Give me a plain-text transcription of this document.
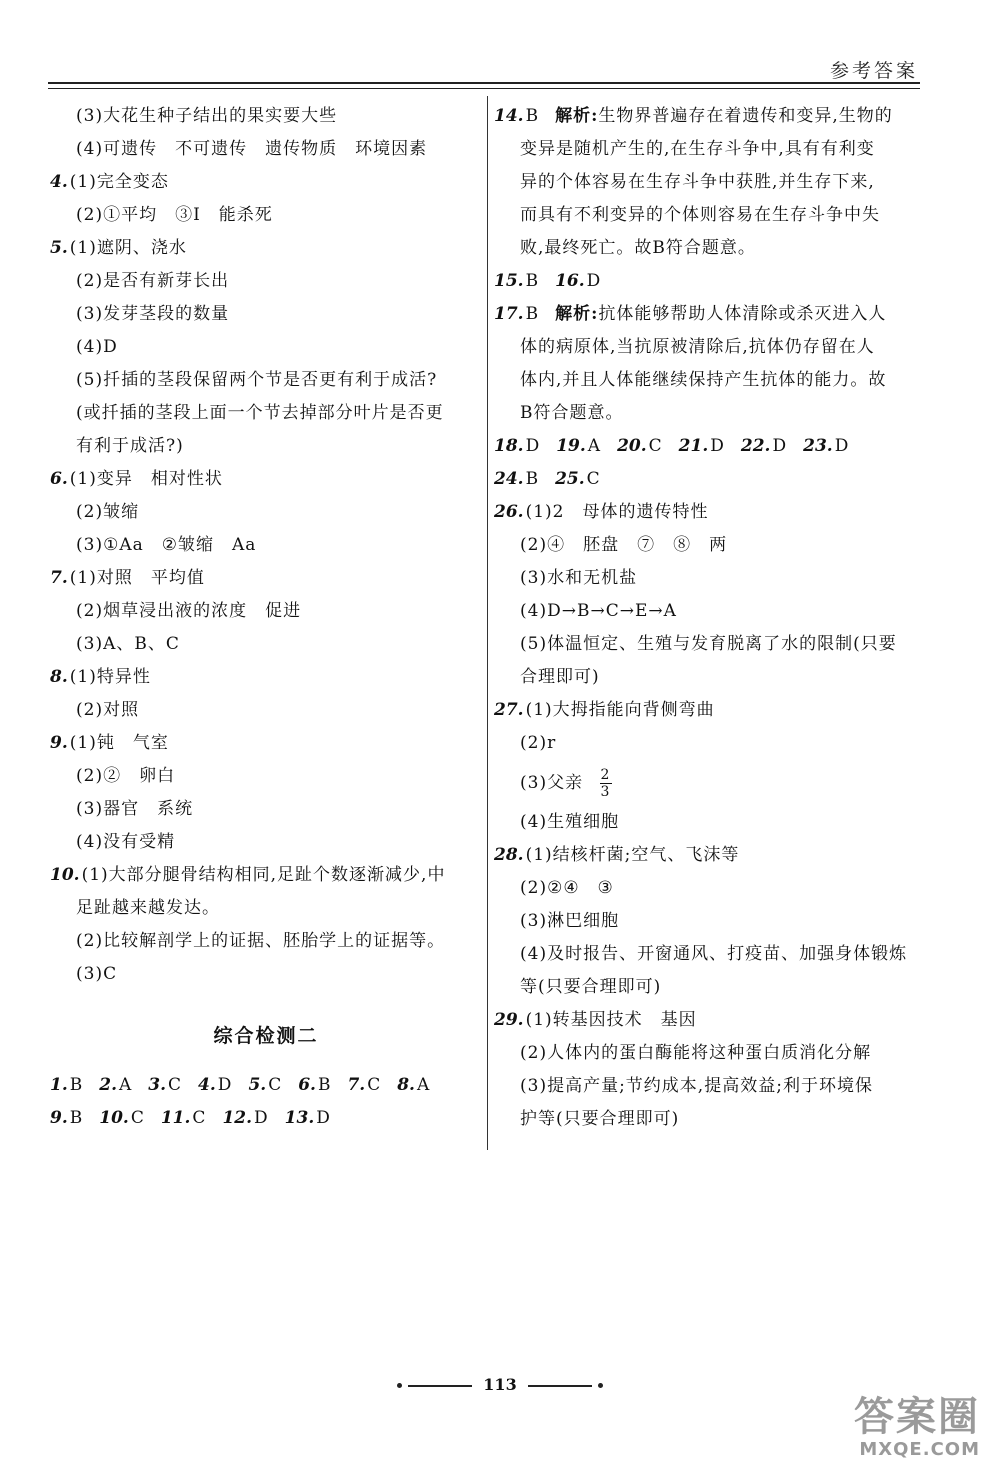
参考答案
(3)大花生种子结出的果实要大些
(4)可遗传　不可遗传　遗传物质　环境因素
4. (1)完全变态
(2)①平均　③Ⅰ　能杀死
5. (1)遮阴、浇水
(2)是否有新芽长出
(3)发芽茎段的数量
(4)D
(5)扦插的茎段保留两个节是否更有利于成活?
(或扦插的茎段上面一个节去掉部分叶片是否更
有利于成活?)
6. (1)变异　相对性状
(2)皱缩
(3)①Aa　②皱缩　Aa
7. (1)对照　平均值
(2)烟草浸出液的浓度　促进
(3)A、B、C
8. (1)特异性
(2)对照
9. (1)钝　气室
(2)②　卵白
(3)器官　系统
(4)没有受精
10. (1)大部分腿骨结构相同,足趾个数逐渐减少,中
足趾越来越发达。
(2)比较解剖学上的证据、胚胎学上的证据等。
(3)C
综合检测二
1. B 2. A 3. C 4. D 5. C 6. B 7. C 8. A
9. B 10. C 11. C 12. D 13. D
14. B 解析:生物界普遍存在着遗传和变异,生物的
变异是随机产生的,在生存斗争中,具有有利变
异的个体容易在生存斗争中获胜,并生存下来,
而具有不利变异的个体则容易在生存斗争中失
败,最终死亡。故B符合题意。
15. B 16. D
17. B 解析:抗体能够帮助人体清除或杀灭进入人
体的病原体,当抗原被清除后,抗体仍存留在人
体内,并且人体能继续保持产生抗体的能力。故
B符合题意。
18. D 19. A 20. C 21. D 22. D 23. D
24. B 25. C
26. (1)2　母体的遗传特性
(2)④　胚盘　⑦　⑧　两
(3)水和无机盐
(4)D→B→C→E→A
(5)体温恒定、生殖与发育脱离了水的限制(只要
合理即可)
27. (1)大拇指能向背侧弯曲
(2)r
(3)父亲 $\frac{2}{3}$
(4)生殖细胞
28. (1)结核杆菌;空气、飞沫等
(2)②④　③
(3)淋巴细胞
(4)及时报告、开窗通风、打疫苗、加强身体锻炼
等(只要合理即可)
29. (1)转基因技术　基因
(2)人体内的蛋白酶能将这种蛋白质消化分解
(3)提高产量;节约成本,提高效益;利于环境保
护等(只要合理即可)
113
答案圈
MXQE.COM
